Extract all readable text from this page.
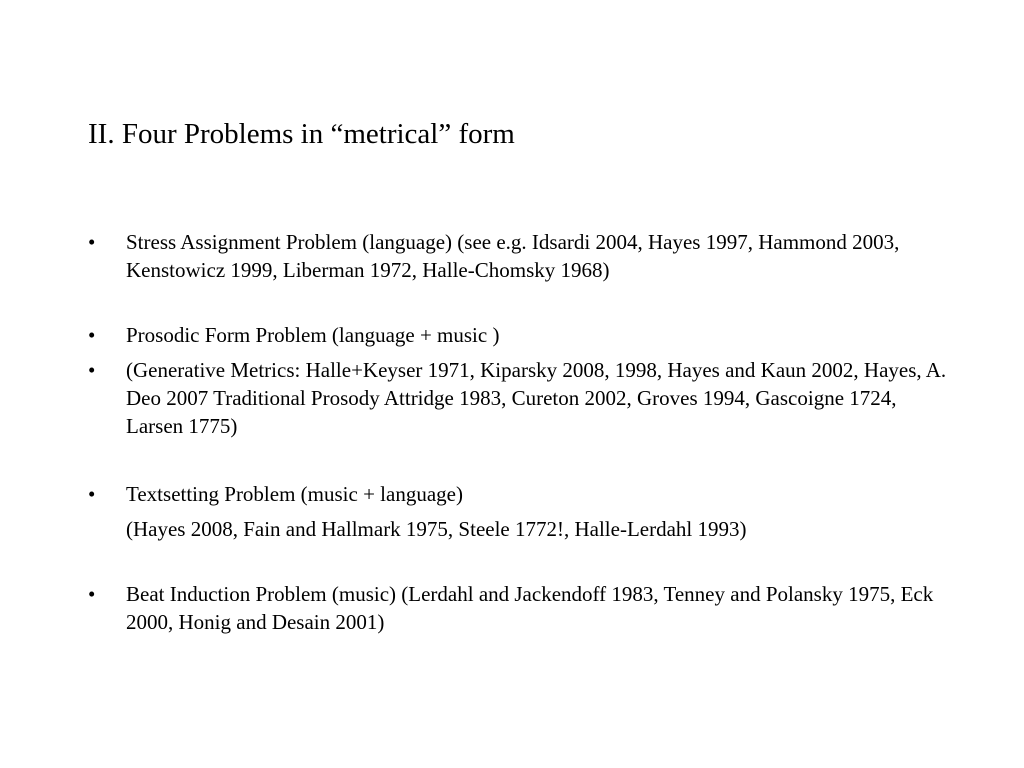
II. Four Problems in “metrical” form
•	Stress Assignment Problem (language) (see e.g. Idsardi 2004, Hayes 1997, Hammond 2003, Kenstowicz 1999, Liberman 1972, Halle-Chomsky 1968)
•	Prosodic Form Problem (language + music )
•	(Generative Metrics: Halle+Keyser 1971, Kiparsky 2008, 1998, Hayes and Kaun 2002, Hayes, A. Deo 2007 Traditional Prosody Attridge 1983, Cureton 2002, Groves 1994, Gascoigne 1724, Larsen 1775)
•	Textsetting Problem (music + language)
(Hayes 2008, Fain and Hallmark 1975, Steele 1772!, Halle-Lerdahl 1993)
•	Beat Induction Problem (music) (Lerdahl and Jackendoff 1983, Tenney and Polansky 1975, Eck 2000, Honig and Desain 2001)
